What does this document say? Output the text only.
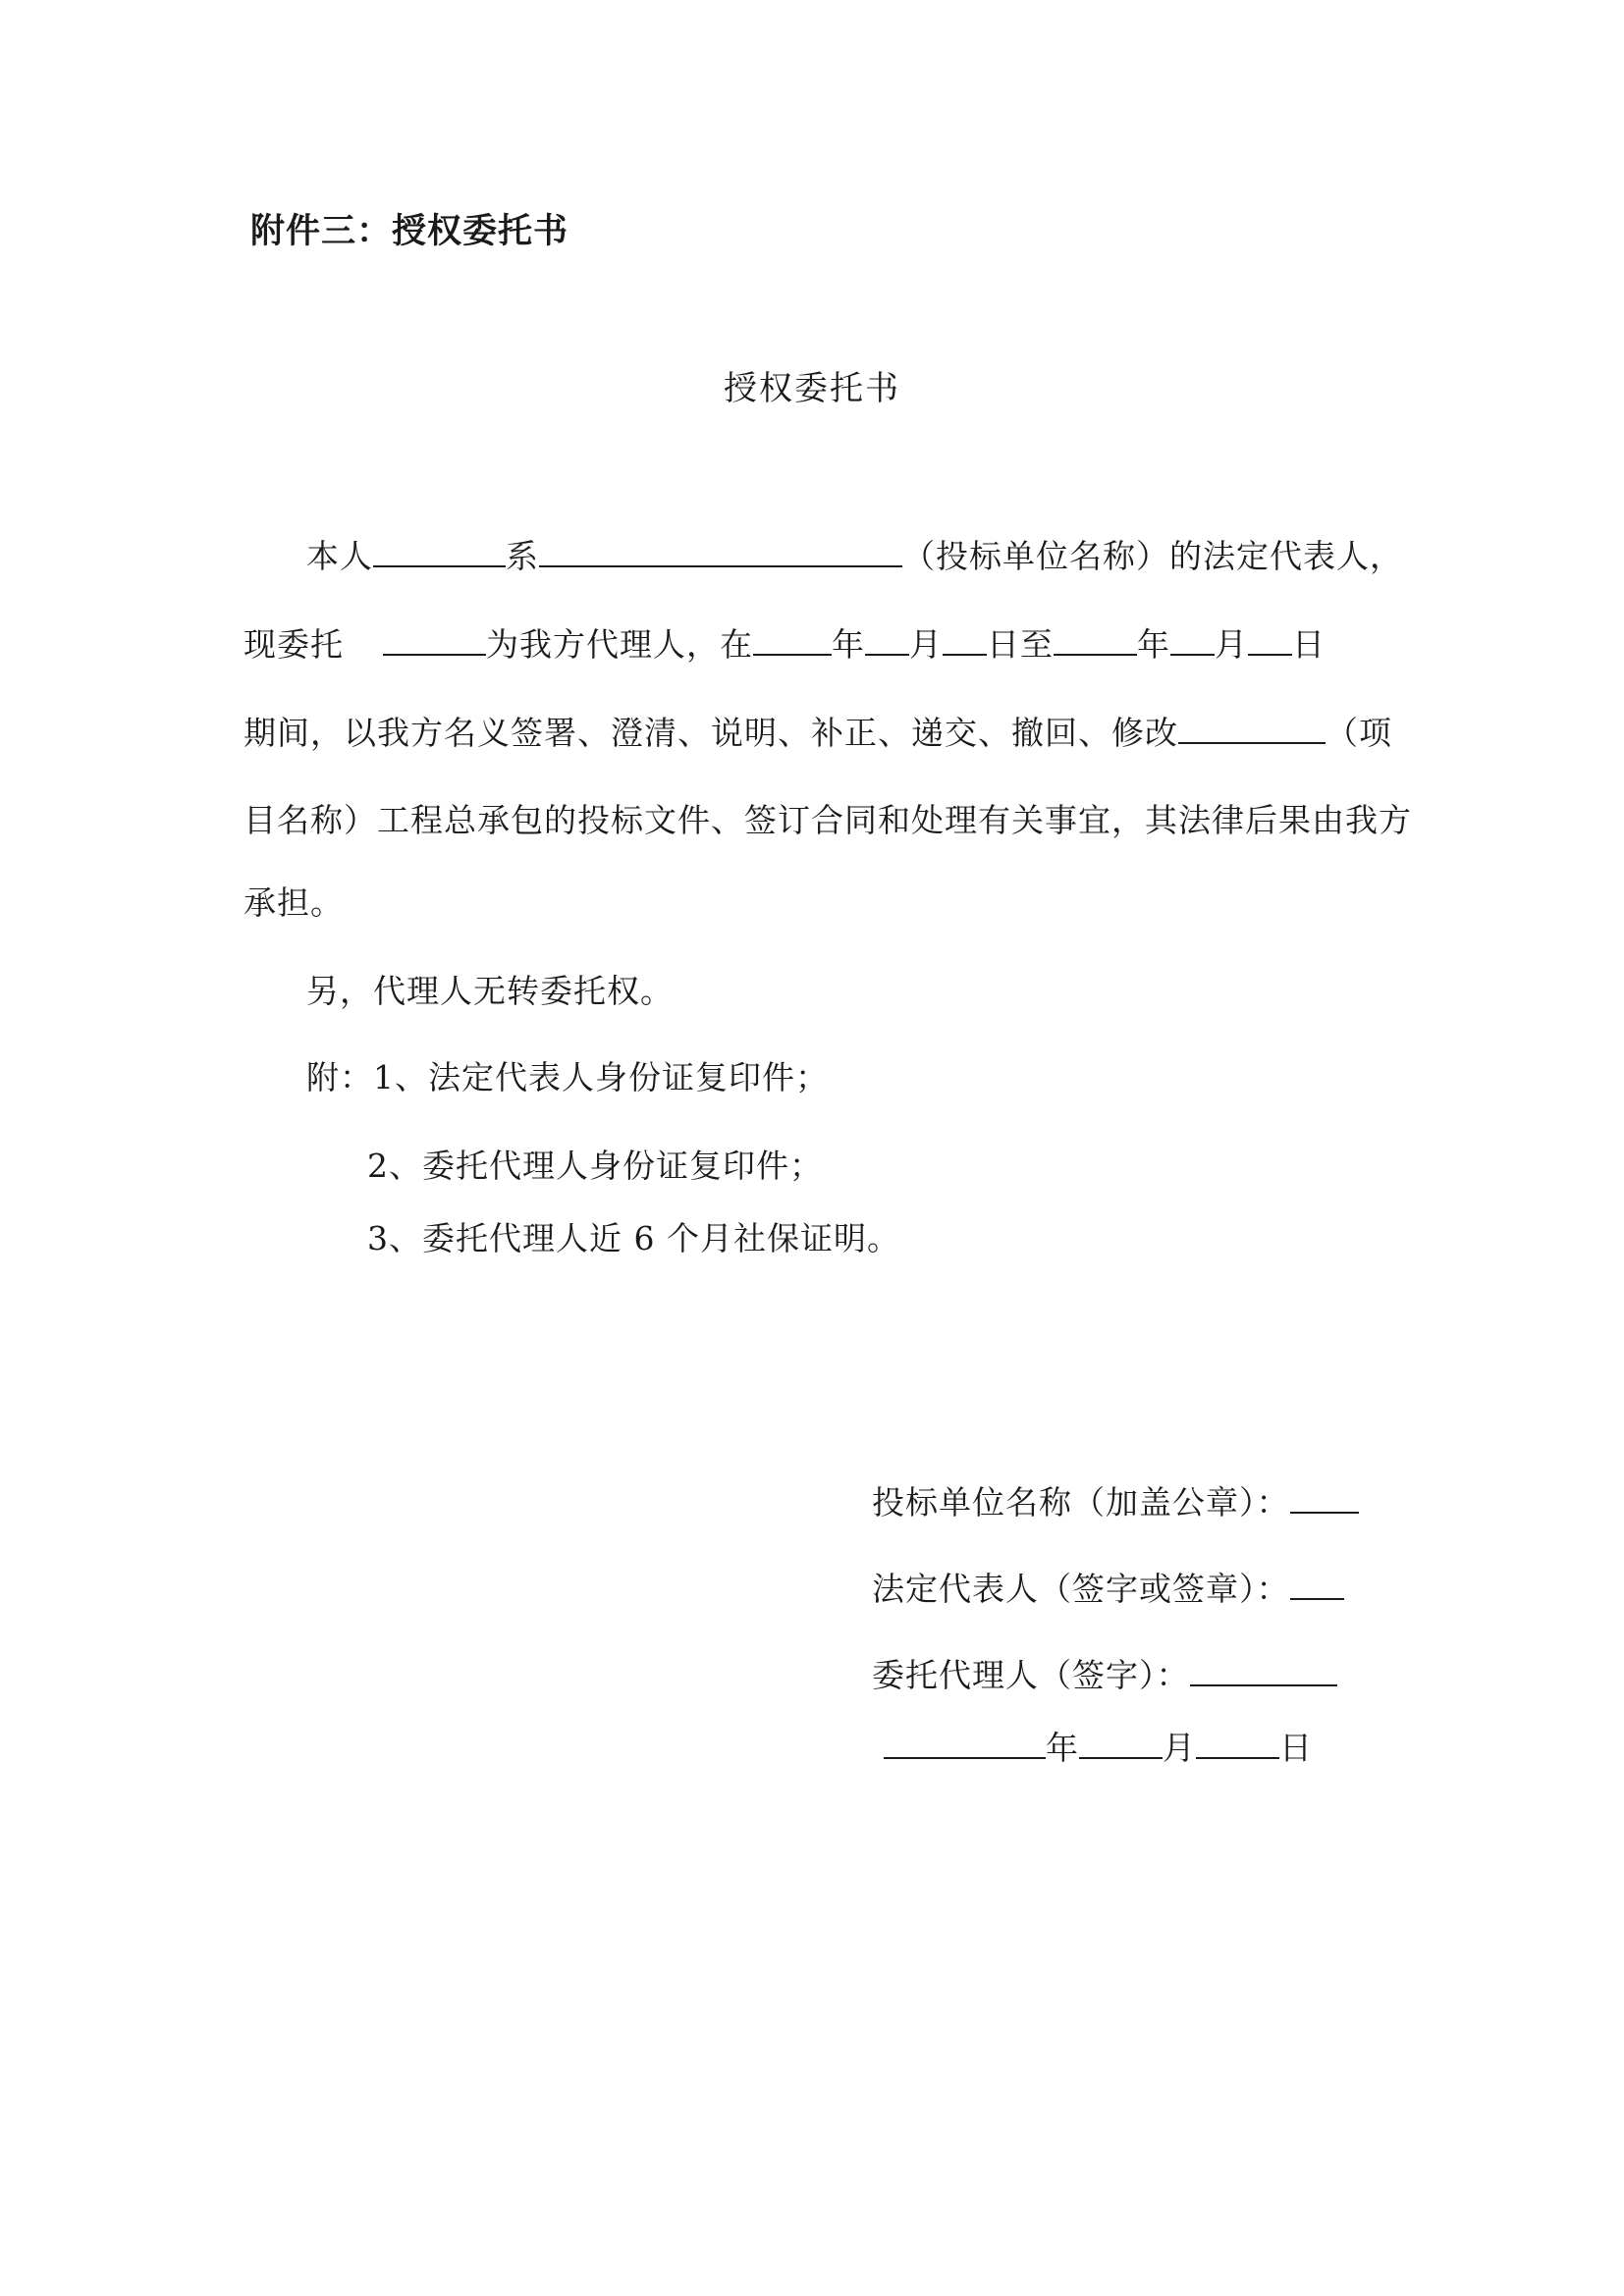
附件三：授权委托书
授权委托书
本人	系	（投标单位名称）的法定代表人，
现委托	为我方代理人，在 年 月 日至	年 月 日
期间，以我方名义签署、澄清、说明、补正、递交、撤回、修改	（项
目名称）工程总承包的投标文件、签订合同和处理有关事宜，其法律后果由我方
承担。
另，代理人无转委托权。
附：1、法定代表人身份证复印件；
2、委托代理人身份证复印件；
3、委托代理人近 6 个月社保证明。
投标单位名称（加盖公章）：
法定代表人（签字或签章）：
委托代理人（签字）：
年	月	日
